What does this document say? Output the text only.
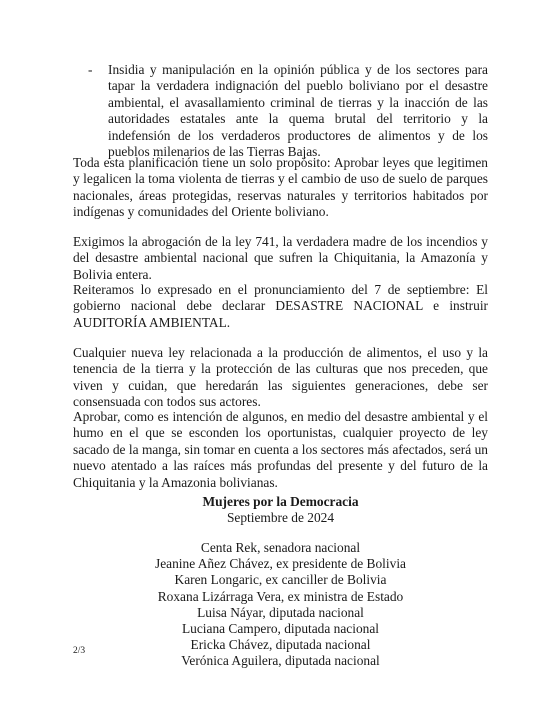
-	Insidia y manipulación en la opinión pública y de los sectores para tapar la verdadera indignación del pueblo boliviano por el desastre ambiental, el avasallamiento criminal de tierras y la inacción de las autoridades estatales ante la quema brutal del territorio y la indefensión de los verdaderos productores de alimentos y de los pueblos milenarios de las Tierras Bajas.

Toda esta planificación tiene un solo propósito: Aprobar leyes que legitimen y legalicen la toma violenta de tierras y el cambio de uso de suelo de parques nacionales, áreas protegidas, reservas naturales y territorios habitados por indígenas y comunidades del Oriente boliviano.

Exigimos la abrogación de la ley 741, la verdadera madre de los incendios y del desastre ambiental nacional que sufren la Chiquitania, la Amazonía y Bolivia entera.

Reiteramos lo expresado en el pronunciamiento del 7 de septiembre: El gobierno nacional debe declarar DESASTRE NACIONAL e instruir AUDITORÍA AMBIENTAL.

Cualquier nueva ley relacionada a la producción de alimentos, el uso y la tenencia de la tierra y la protección de las culturas que nos preceden, que viven y cuidan, que heredarán las siguientes generaciones, debe ser consensuada con todos sus actores.

Aprobar, como es intención de algunos, en medio del desastre ambiental y el humo en el que se esconden los oportunistas, cualquier proyecto de ley sacado de la manga, sin tomar en cuenta a los sectores más afectados, será un nuevo atentado a las raíces más profundas del presente y del futuro de la Chiquitania y la Amazonia bolivianas.

Mujeres por la Democracia
Septiembre de 2024
Centa Rek, senadora nacional
Jeanine Añez Chávez, ex presidente de Bolivia
Karen Longaric, ex canciller de Bolivia
Roxana Lizárraga Vera, ex ministra de Estado
Luisa Náyar, diputada nacional
Luciana Campero, diputada nacional
Ericka Chávez, diputada nacional
Verónica Aguilera, diputada nacional
2/3
